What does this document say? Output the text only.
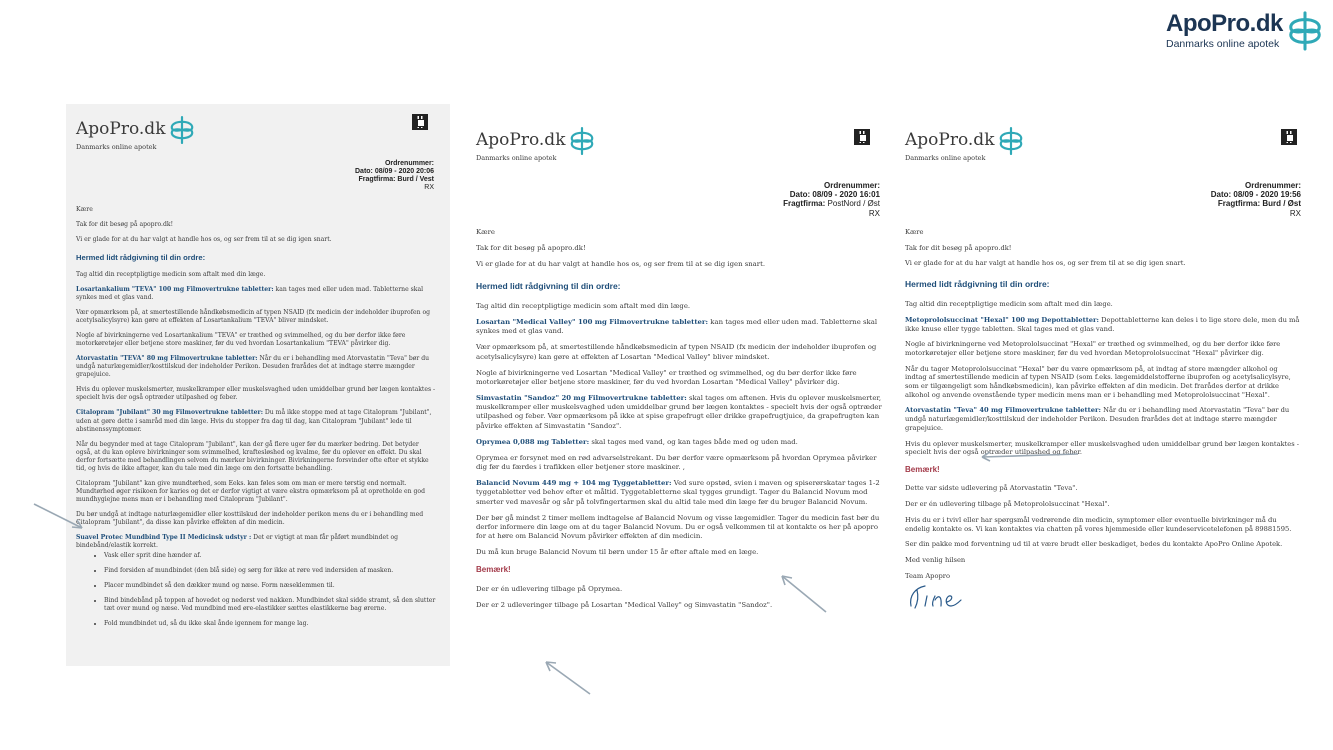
ApoPro.dk
Danmarks online apotek
ApoPro.dk
Danmarks online apotek
Ordrenummer:
Dato: 08/09 - 2020 20:06
Fragtfirma: Burd / Vest
RX

Kære

Tak for dit besøg på apopro.dk!

Vi er glade for at du har valgt at handle hos os, og ser frem til at se dig igen snart.

Hermed lidt rådgivning til din ordre:

Tag altid din receptpligtige medicin som aftalt med din læge.

Losartankalium "TEVA" 100 mg Filmovertrukne tabletter: kan tages med eller uden mad. Tabletterne skal synkes med et glas vand.

Vær opmærksom på, at smertestillende håndkøbsmedicin af typen NSAID (fx medicin der indeholder ibuprofen og acetylsalicylsyre) kan gøre at effekten af Losartankalium "TEVA" bliver mindsket.

Nogle af bivirkningerne ved Losartankalium "TEVA" er træthed og svimmelhed, og du bør derfor ikke føre motorkøretøjer eller betjene store maskiner, før du ved hvordan Losartankalium "TEVA" påvirker dig.

Atorvastatin "TEVA" 80 mg Filmovertrukne tabletter: Når du er i behandling med Atorvastatin "Teva" bør du undgå naturlægemidler/kosttilskud der indeholder Perikon. Desuden frarådes det at indtage større mængder grapejuice.

Hvis du oplever muskelsmerter, muskelkramper eller muskelsvaghed uden umiddelbar grund bør lægen kontaktes - specielt hvis der også optræder utilpashed og feber.

Citalopram "Jubilant" 30 mg Filmovertrukne tabletter: Du må ikke stoppe med at tage Citalopram "Jubilant", uden at gøre dette i samråd med din læge. Hvis du stopper fra dag til dag, kan Citalopram "Jubilant" lede til abstinenssymptomer.

Når du begynder med at tage Citalopram "Jubilant", kan der gå flere uger før du mærker bedring. Det betyder også, at du kan opleve bivirkninger som svimmelhed, kraftesløshed og kvalme, før du oplever en effekt. Du skal derfor fortsætte med behandlingen selvom du mærker bivirkninger. Bivirkningerne forsvinder ofte efter et stykke tid, og hvis de ikke aftager, kan du tale med din læge om den fortsatte behandling.

Citalopram "Jubilant" kan give mundtørhed, som Eeks. kan føles som om man er mere tørstig end normalt. Mundtørhed øger risikoen for karies og det er derfor vigtigt at være ekstra opmærksom på at opretholde en god mundhygiejne mens man er i behandling med Citalopram "Jubilant".

Du bør undgå at indtage naturlægemidler eller kosttilskud der indeholder perikon mens du er i behandling med Citalopram "Jubilant", da disse kan påvirke effekten af din medicin.

Suavel Protec Mundbind Type II Medicinsk udstyr : Det er vigtigt at man får påført mundbindet og bindebånd/elastik korrekt.

• Vask eller sprit dine hænder af.
• Find forsiden af mundbindet (den blå side) og sørg for ikke at røre ved indersiden af masken.
• Placer mundbindet så den dækker mund og næse. Form næseklemmen til.
• Bind bindebånd på toppen af hovedet og nederst ved nakken. Mundbindet skal sidde stramt, så den slutter tæt over mund og næse. Ved mundbind med øre-elastikker sættes elastikkerne bag ørerne.
• Fold mundbindet ud, så du ikke skal ånde igennem for mange lag.
ApoPro.dk
Danmarks online apotek
Ordrenummer:
Dato: 08/09 - 2020 16:01
Fragtfirma: PostNord / Øst
RX

Kære

Tak for dit besøg på apopro.dk!

Vi er glade for at du har valgt at handle hos os, og ser frem til at se dig igen snart.

Hermed lidt rådgivning til din ordre:

Tag altid din receptpligtige medicin som aftalt med din læge.

Losartan "Medical Valley" 100 mg Filmovertrukne tabletter: kan tages med eller uden mad. Tabletterne skal synkes med et glas vand.

Vær opmærksom på, at smertestillende håndkøbsmedicin af typen NSAID (fx medicin der indeholder ibuprofen og acetylsalicylsyre) kan gøre at effekten af Losartan "Medical Valley" bliver mindsket.

Nogle af bivirkningerne ved Losartan "Medical Valley" er træthed og svimmelhed, og du bør derfor ikke føre motorkøretøjer eller betjene store maskiner, før du ved hvordan Losartan "Medical Valley" påvirker dig.

Simvastatin "Sandoz" 20 mg Filmovertrukne tabletter: skal tages om aftenen. Hvis du oplever muskelsmerter, muskelkramper eller muskelsvaghed uden umiddelbar grund bør lægen kontaktes - specielt hvis der også optræder utilpashed og feber. Vær opmærksom på ikke at spise grapefrugt eller drikke grapefrugtjuice, da grapefrugten kan påvirke effekten af Simvastatin "Sandoz".

Oprymea 0,088 mg Tabletter: skal tages med vand, og kan tages både med og uden mad.

Oprymea er forsynet med en rød advarselstrekant. Du bør derfor være opmærksom på hvordan Oprymea påvirker dig før du færdes i trafikken eller betjener store maskiner. ,

Balancid Novum 449 mg + 104 mg Tyggetabletter: Ved sure opstød, svien i maven og spiserørskatar tages 1-2 tyggetabletter ved behov efter et måltid. Tyggetabletterne skal tygges grundigt. Tager du Balancid Novum mod smerter ved mavesår og sår på tolvfingertarmen skal du altid tale med din læge før du bruger Balancid Novum.

Der bør gå mindst 2 timer mellem indtagelse af Balancid Novum og visse lægemidler. Tager du medicin fast bør du derfor informere din læge om at du tager Balancid Novum. Du er også velkommen til at kontakte os her på apopro for at høre om Balancid Novum påvirker effekten af din medicin.

Du må kun bruge Balancid Novum til børn under 15 år efter aftale med en læge.

Bemærk!

Der er én udlevering tilbage på Oprymea.

Der er 2 udleveringer tilbage på Losartan "Medical Valley" og Simvastatin "Sandoz".

ApoPro.dk
Danmarks online apotek
Ordrenummer:
Dato: 08/09 - 2020 19:56
Fragtfirma: Burd / Øst
RX

Kære

Tak for dit besøg på apopro.dk!

Vi er glade for at du har valgt at handle hos os, og ser frem til at se dig igen snart.

Hermed lidt rådgivning til din ordre:

Tag altid din receptpligtige medicin som aftalt med din læge.

Metoprololsuccinat "Hexal" 100 mg Depottabletter: Depottabletterne kan deles i to lige store dele, men du må ikke knuse eller tygge tabletten. Skal tages med et glas vand.

Nogle af bivirkningerne ved Metoprololsuccinat "Hexal" er træthed og svimmelhed, og du bør derfor ikke føre motorkøretøjer eller betjene store maskiner, før du ved hvordan Metoprololsuccinat "Hexal" påvirker dig.

Når du tager Metoprololsuccinat "Hexal" bør du være opmærksom på, at indtag af store mængder alkohol og indtag af smertestillende medicin af typen NSAID (som f.eks. lægemiddelstofferne ibuprofen og acetylsalicylsyre, som er tilgængeligt som håndkøbsmedicin), kan påvirke effekten af din medicin. Det frarådes derfor at drikke alkohol og anvende ovenstående typer medicin mens man er i behandling med Metoprololsuccinat "Hexal".

Atorvastatin "Teva" 40 mg Filmovertrukne tabletter: Når du er i behandling med Atorvastatin "Teva" bør du undgå naturlægemidler/kosttilskud der indeholder Perikon. Desuden frarådes det at indtage større mængder grapejuice.

Hvis du oplever muskelsmerter, muskelkramper eller muskelsvaghed uden umiddelbar grund bør lægen kontaktes - specielt hvis der også optræder utilpashed og feber.

Bemærk!

Dette var sidste udlevering på Atorvastatin "Teva".

Der er én udlevering tilbage på Metoprololsuccinat "Hexal".

Hvis du er i tvivl eller har spørgsmål vedrørende din medicin, symptomer eller eventuelle bivirkninger må du endelig kontakte os. Vi kan kontaktes via chatten på vores hjemmeside eller kundeservicetelefonen på 89881595.

Ser din pakke mod forventning ud til at være brudt eller beskadiget, bedes du kontakte ApoPro Online Apotek.

Med venlig hilsen

Team Apopro
